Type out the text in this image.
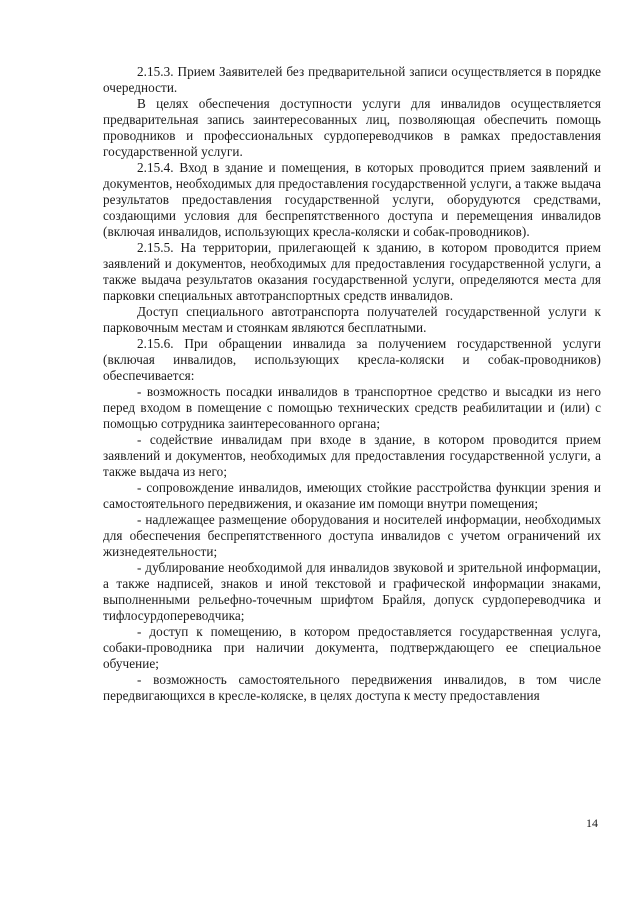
2.15.3. Прием Заявителей без предварительной записи осуществляется в порядке очередности.

В целях обеспечения доступности услуги для инвалидов осуществляется предварительная запись заинтересованных лиц, позволяющая обеспечить помощь проводников и профессиональных сурдопереводчиков в рамках предоставления государственной услуги.

2.15.4. Вход в здание и помещения, в которых проводится прием заявлений и документов, необходимых для предоставления государственной услуги, а также выдача результатов предоставления государственной услуги, оборудуются средствами, создающими условия для беспрепятственного доступа и перемещения инвалидов (включая инвалидов, использующих кресла-коляски и собак-проводников).

2.15.5. На территории, прилегающей к зданию, в котором проводится прием заявлений и документов, необходимых для предоставления государственной услуги, а также выдача результатов оказания государственной услуги, определяются места для парковки специальных автотранспортных средств инвалидов.

Доступ специального автотранспорта получателей государственной услуги к парковочным местам и стоянкам являются бесплатными.

2.15.6. При обращении инвалида за получением государственной услуги (включая инвалидов, использующих кресла-коляски и собак-проводников) обеспечивается:

- возможность посадки инвалидов в транспортное средство и высадки из него перед входом в помещение с помощью технических средств реабилитации и (или) с помощью сотрудника заинтересованного органа;

- содействие инвалидам при входе в здание, в котором проводится прием заявлений и документов, необходимых для предоставления государственной услуги, а также выдача из него;

- сопровождение инвалидов, имеющих стойкие расстройства функции зрения и самостоятельного передвижения, и оказание им помощи внутри помещения;

- надлежащее размещение оборудования и носителей информации, необходимых для обеспечения беспрепятственного доступа инвалидов с учетом ограничений их жизнедеятельности;

- дублирование необходимой для инвалидов звуковой и зрительной информации, а также надписей, знаков и иной текстовой и графической информации знаками, выполненными рельефно-точечным шрифтом Брайля, допуск сурдопереводчика и тифлосурдопереводчика;

- доступ к помещению, в котором предоставляется государственная услуга, собаки-проводника при наличии документа, подтверждающего ее специальное обучение;

- возможность самостоятельного передвижения инвалидов, в том числе передвигающихся в кресле-коляске, в целях доступа к месту предоставления

14
